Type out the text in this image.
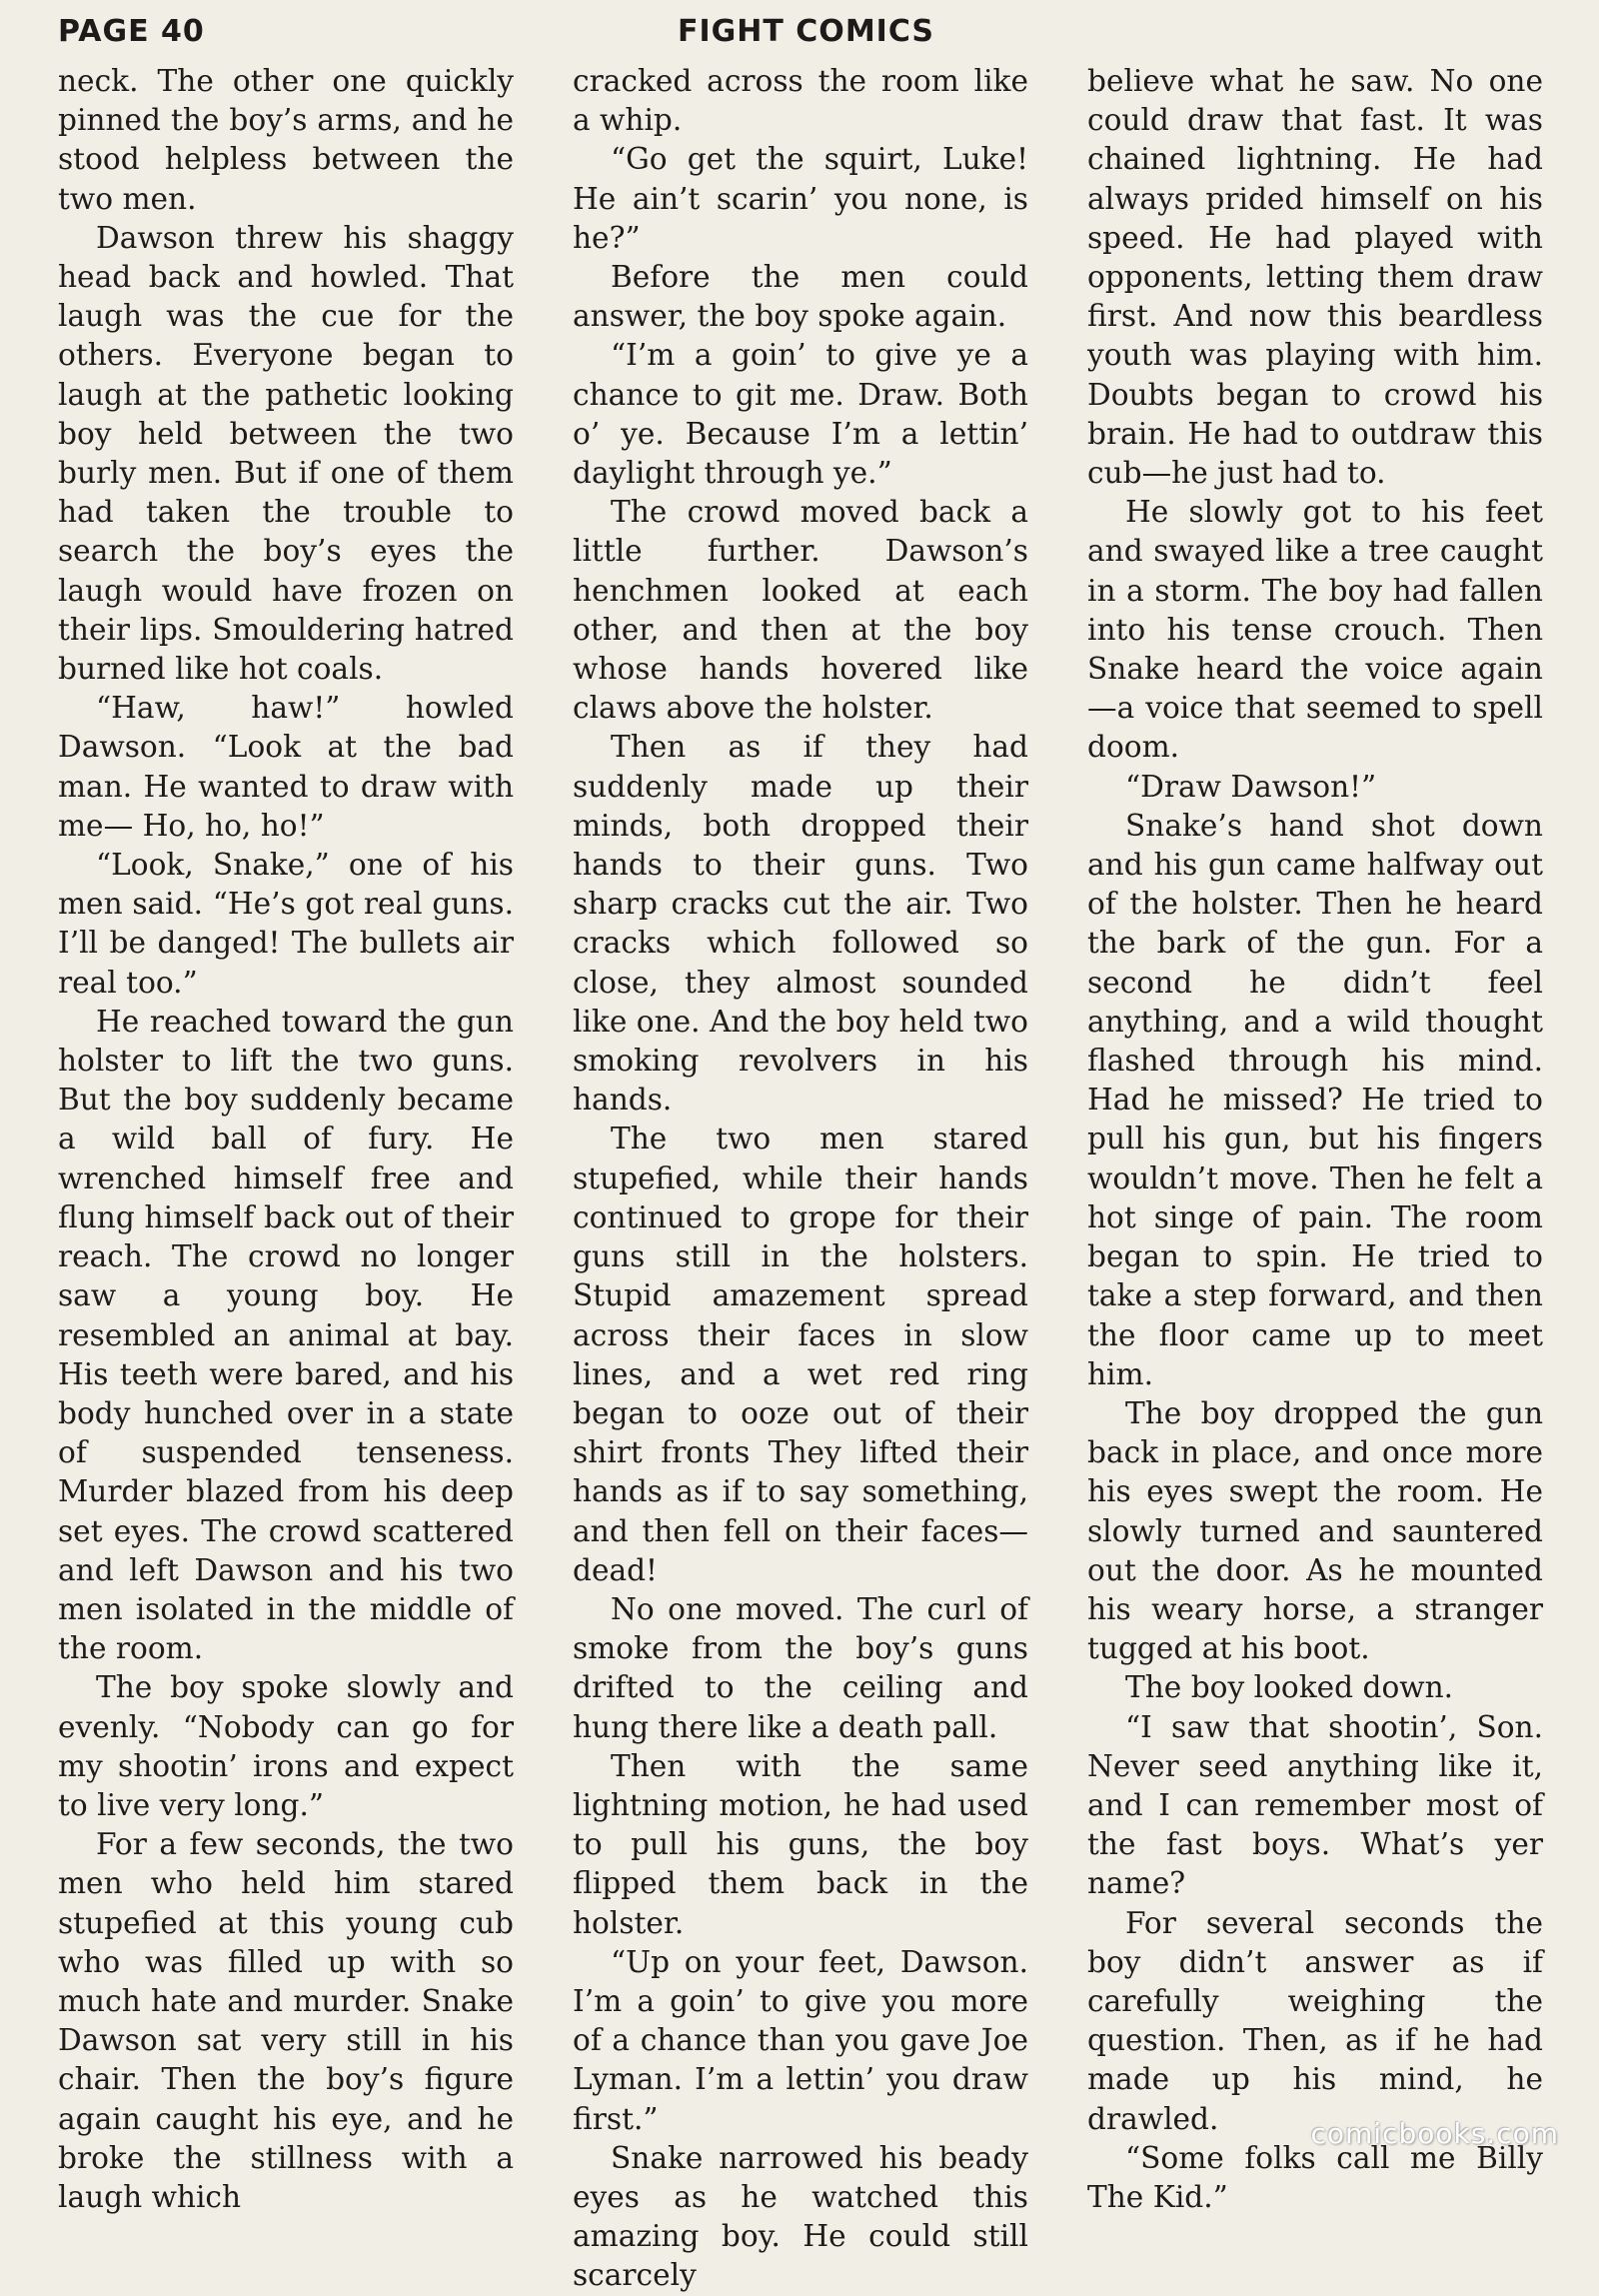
PAGE 40	FIGHT COMICS

neck. The other one quickly pinned the boy’s arms, and he stood helpless between the two men.

Dawson threw his shaggy head back and howled. That laugh was the cue for the others. Everyone began to laugh at the pathetic looking boy held between the two burly men. But if one of them had taken the trouble to search the boy’s eyes the laugh would have frozen on their lips. Smouldering hatred burned like hot coals.

“Haw, haw!” howled Dawson. “Look at the bad man. He wanted to draw with me— Ho, ho, ho!”

“Look, Snake,” one of his men said. “He’s got real guns. I’ll be danged! The bullets air real too.”

He reached toward the gun holster to lift the two guns. But the boy suddenly became a wild ball of fury. He wrenched himself free and flung himself back out of their reach. The crowd no longer saw a young boy. He resembled an animal at bay. His teeth were bared, and his body hunched over in a state of suspended tenseness. Murder blazed from his deep set eyes. The crowd scattered and left Dawson and his two men isolated in the middle of the room.

The boy spoke slowly and evenly. “Nobody can go for my shootin’ irons and expect to live very long.”

For a few seconds, the two men who held him stared stupefied at this young cub who was filled up with so much hate and murder. Snake Dawson sat very still in his chair. Then the boy’s figure again caught his eye, and he broke the stillness with a laugh which

cracked across the room like a whip.

“Go get the squirt, Luke! He ain’t scarin’ you none, is he?”

Before the men could answer, the boy spoke again.

“I’m a goin’ to give ye a chance to git me. Draw. Both o’ ye. Because I’m a lettin’ daylight through ye.”

The crowd moved back a little further. Dawson’s henchmen looked at each other, and then at the boy whose hands hovered like claws above the holster.

Then as if they had suddenly made up their minds, both dropped their hands to their guns. Two sharp cracks cut the air. Two cracks which followed so close, they almost sounded like one. And the boy held two smoking revolvers in his hands.

The two men stared stupefied, while their hands continued to grope for their guns still in the holsters. Stupid amazement spread across their faces in slow lines, and a wet red ring began to ooze out of their shirt fronts They lifted their hands as if to say something, and then fell on their faces—dead!

No one moved. The curl of smoke from the boy’s guns drifted to the ceiling and hung there like a death pall.

Then with the same lightning motion, he had used to pull his guns, the boy flipped them back in the holster.

“Up on your feet, Dawson. I’m a goin’ to give you more of a chance than you gave Joe Lyman. I’m a lettin’ you draw first.”

Snake narrowed his beady eyes as he watched this amazing boy. He could still scarcely

believe what he saw. No one could draw that fast. It was chained lightning. He had always prided himself on his speed. He had played with opponents, letting them draw first. And now this beardless youth was playing with him. Doubts began to crowd his brain. He had to outdraw this cub—he just had to.

He slowly got to his feet and swayed like a tree caught in a storm. The boy had fallen into his tense crouch. Then Snake heard the voice again —a voice that seemed to spell doom.

“Draw Dawson!”

Snake’s hand shot down and his gun came halfway out of the holster. Then he heard the bark of the gun. For a second he didn’t feel anything, and a wild thought flashed through his mind. Had he missed? He tried to pull his gun, but his fingers wouldn’t move. Then he felt a hot singe of pain. The room began to spin. He tried to take a step forward, and then the floor came up to meet him.

The boy dropped the gun back in place, and once more his eyes swept the room. He slowly turned and sauntered out the door. As he mounted his weary horse, a stranger tugged at his boot.

The boy looked down.

“I saw that shootin’, Son. Never seed anything like it, and I can remember most of the fast boys. What’s yer name?

For several seconds the boy didn’t answer as if carefully weighing the question. Then, as if he had made up his mind, he drawled.

“Some folks call me Billy The Kid.”

comicbooks.com
